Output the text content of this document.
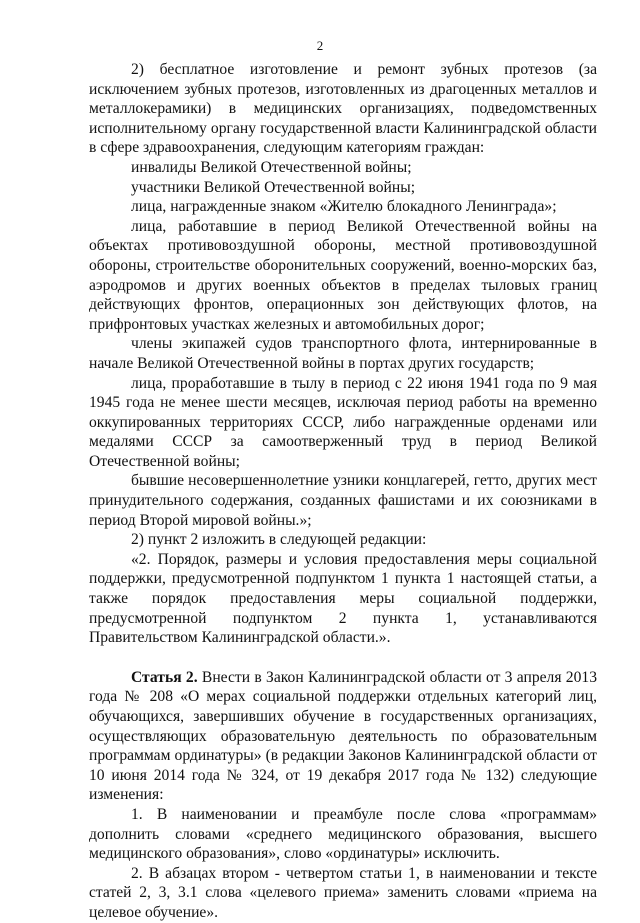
2

2) бесплатное изготовление и ремонт зубных протезов (за исключением зубных протезов, изготовленных из драгоценных металлов и металлокерамики) в медицинских организациях, подведомственных исполнительному органу государственной власти Калининградской области в сфере здравоохранения, следующим категориям граждан:

инвалиды Великой Отечественной войны;

участники Великой Отечественной войны;

лица, награжденные знаком «Жителю блокадного Ленинграда»;

лица, работавшие в период Великой Отечественной войны на объектах противовоздушной обороны, местной противовоздушной обороны, строительстве оборонительных сооружений, военно-морских баз, аэродромов и других военных объектов в пределах тыловых границ действующих фронтов, операционных зон действующих флотов, на прифронтовых участках железных и автомобильных дорог;

члены экипажей судов транспортного флота, интернированные в начале Великой Отечественной войны в портах других государств;

лица, проработавшие в тылу в период с 22 июня 1941 года по 9 мая 1945 года не менее шести месяцев, исключая период работы на временно оккупированных территориях СССР, либо награжденные орденами или медалями СССР за самоотверженный труд в период Великой Отечественной войны;

бывшие несовершеннолетние узники концлагерей, гетто, других мест принудительного содержания, созданных фашистами и их союзниками в период Второй мировой войны.»;

2) пункт 2 изложить в следующей редакции:

«2. Порядок, размеры и условия предоставления меры социальной поддержки, предусмотренной подпунктом 1 пункта 1 настоящей статьи, а также порядок предоставления меры социальной поддержки, предусмотренной подпунктом 2 пункта 1, устанавливаются Правительством Калининградской области.».

Статья 2. Внести в Закон Калининградской области от 3 апреля 2013 года № 208 «О мерах социальной поддержки отдельных категорий лиц, обучающихся, завершивших обучение в государственных организациях, осуществляющих образовательную деятельность по образовательным программам ординатуры» (в редакции Законов Калининградской области от 10 июня 2014 года № 324, от 19 декабря 2017 года № 132) следующие изменения:

1. В наименовании и преамбуле после слова «программам» дополнить словами «среднего медицинского образования, высшего медицинского образования», слово «ординатуры» исключить.

2. В абзацах втором - четвертом статьи 1, в наименовании и тексте статей 2, 3, 3.1 слова «целевого приема» заменить словами «приема на целевое обучение».
